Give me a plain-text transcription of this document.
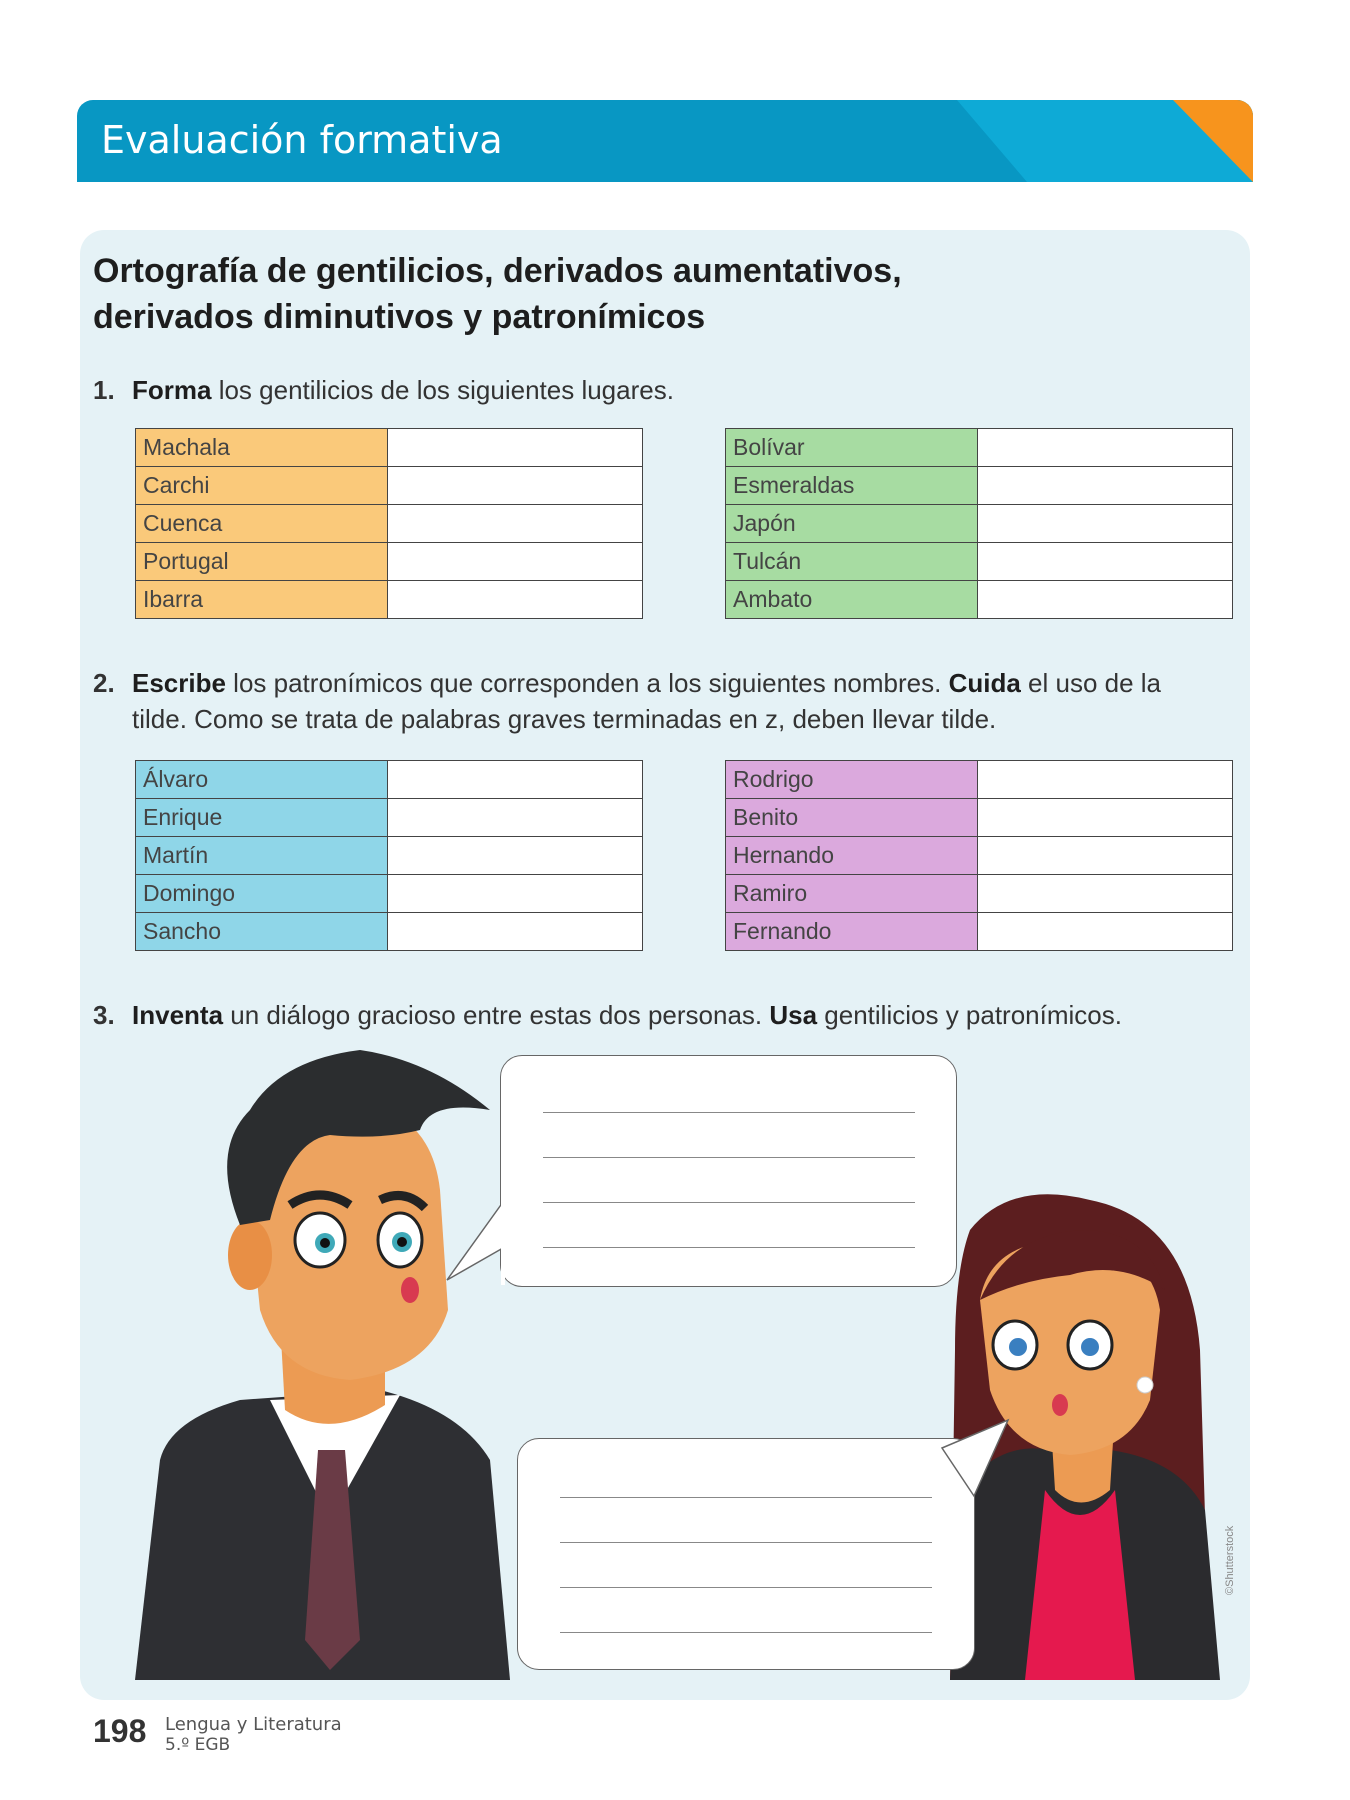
Evaluación formativa
DUA
Acción y expresión
Ortografía de gentilicios, derivados aumentativos,
derivados diminutivos y patronímicos
1. Forma los gentilicios de los siguientes lugares.
Machala	
Carchi	
Cuenca	
Portugal	
Ibarra	
Bolívar	
Esmeraldas	
Japón	
Tulcán	
Ambato	
2. Escribe los patronímicos que corresponden a los siguientes nombres. Cuida el uso de la
tilde. Como se trata de palabras graves terminadas en z, deben llevar tilde.
Álvaro	
Enrique	
Martín	
Domingo	
Sancho	
Rodrigo	
Benito	
Hernando	
Ramiro	
Fernando	
3. Inventa un diálogo gracioso entre estas dos personas. Usa gentilicios y patronímicos.
©Shutterstock
198 Lengua y Literatura
5.º EGB
